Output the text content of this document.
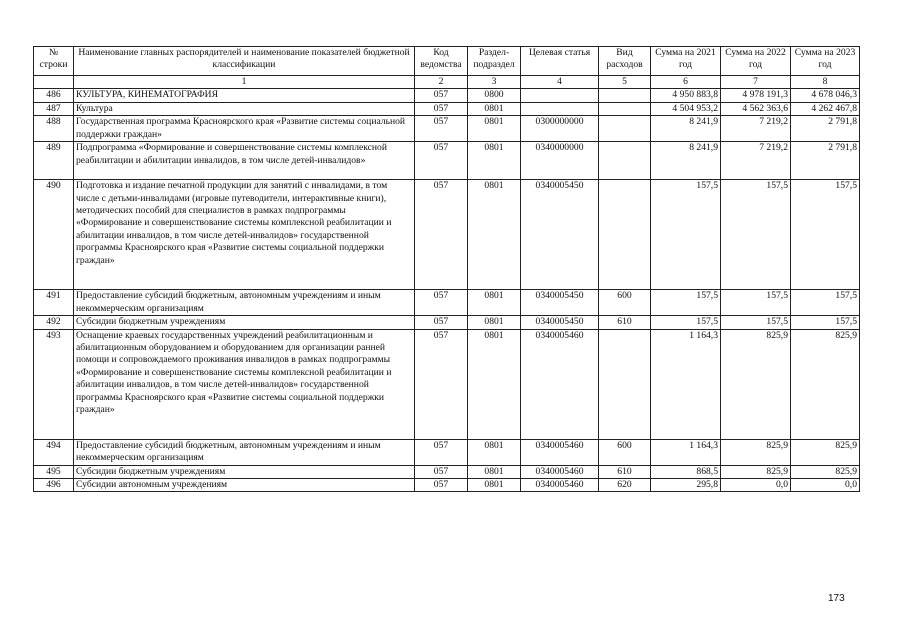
№ строки	Наименование главных распорядителей и наименование показателей бюджетной классификации	Код ведомства	Раздел-подраздел	Целевая статья	Вид расходов	Сумма на 2021 год	Сумма на 2022 год	Сумма на 2023 год
	1	2	3	4	5	6	7	8
486	КУЛЬТУРА, КИНЕМАТОГРАФИЯ	057	0800			4 950 883,8	4 978 191,3	4 678 046,3
487	Культура	057	0801			4 504 953,2	4 562 363,6	4 262 467,8
488	Государственная программа Красноярского края «Развитие системы социальной поддержки граждан»	057	0801	0300000000		8 241,9	7 219,2	2 791,8
489	Подпрограмма «Формирование и совершенствование системы комплексной реабилитации и абилитации инвалидов, в том числе детей-инвалидов»	057	0801	0340000000		8 241,9	7 219,2	2 791,8
490	Подготовка и издание печатной продукции для занятий с инвалидами, в том числе с детьми-инвалидами (игровые путеводители, интерактивные книги), методических пособий для специалистов в рамках подпрограммы «Формирование и совершенствование системы комплексной реабилитации и абилитации инвалидов, в том числе детей-инвалидов» государственной программы Красноярского края «Развитие системы социальной поддержки граждан»	057	0801	0340005450		157,5	157,5	157,5
491	Предоставление субсидий бюджетным, автономным учреждениям и иным некоммерческим организациям	057	0801	0340005450	600	157,5	157,5	157,5
492	Субсидии бюджетным учреждениям	057	0801	0340005450	610	157,5	157,5	157,5
493	Оснащение краевых государственных учреждений реабилитационным и абилитационным оборудованием и оборудованием для организации ранней помощи и сопровождаемого проживания инвалидов в рамках подпрограммы «Формирование и совершенствование системы комплексной реабилитации и абилитации инвалидов, в том числе детей-инвалидов» государственной программы Красноярского края «Развитие системы социальной поддержки граждан»	057	0801	0340005460		1 164,3	825,9	825,9
494	Предоставление субсидий бюджетным, автономным учреждениям и иным некоммерческим организациям	057	0801	0340005460	600	1 164,3	825,9	825,9
495	Субсидии бюджетным учреждениям	057	0801	0340005460	610	868,5	825,9	825,9
496	Субсидии автономным учреждениям	057	0801	0340005460	620	295,8	0,0	0,0
173
